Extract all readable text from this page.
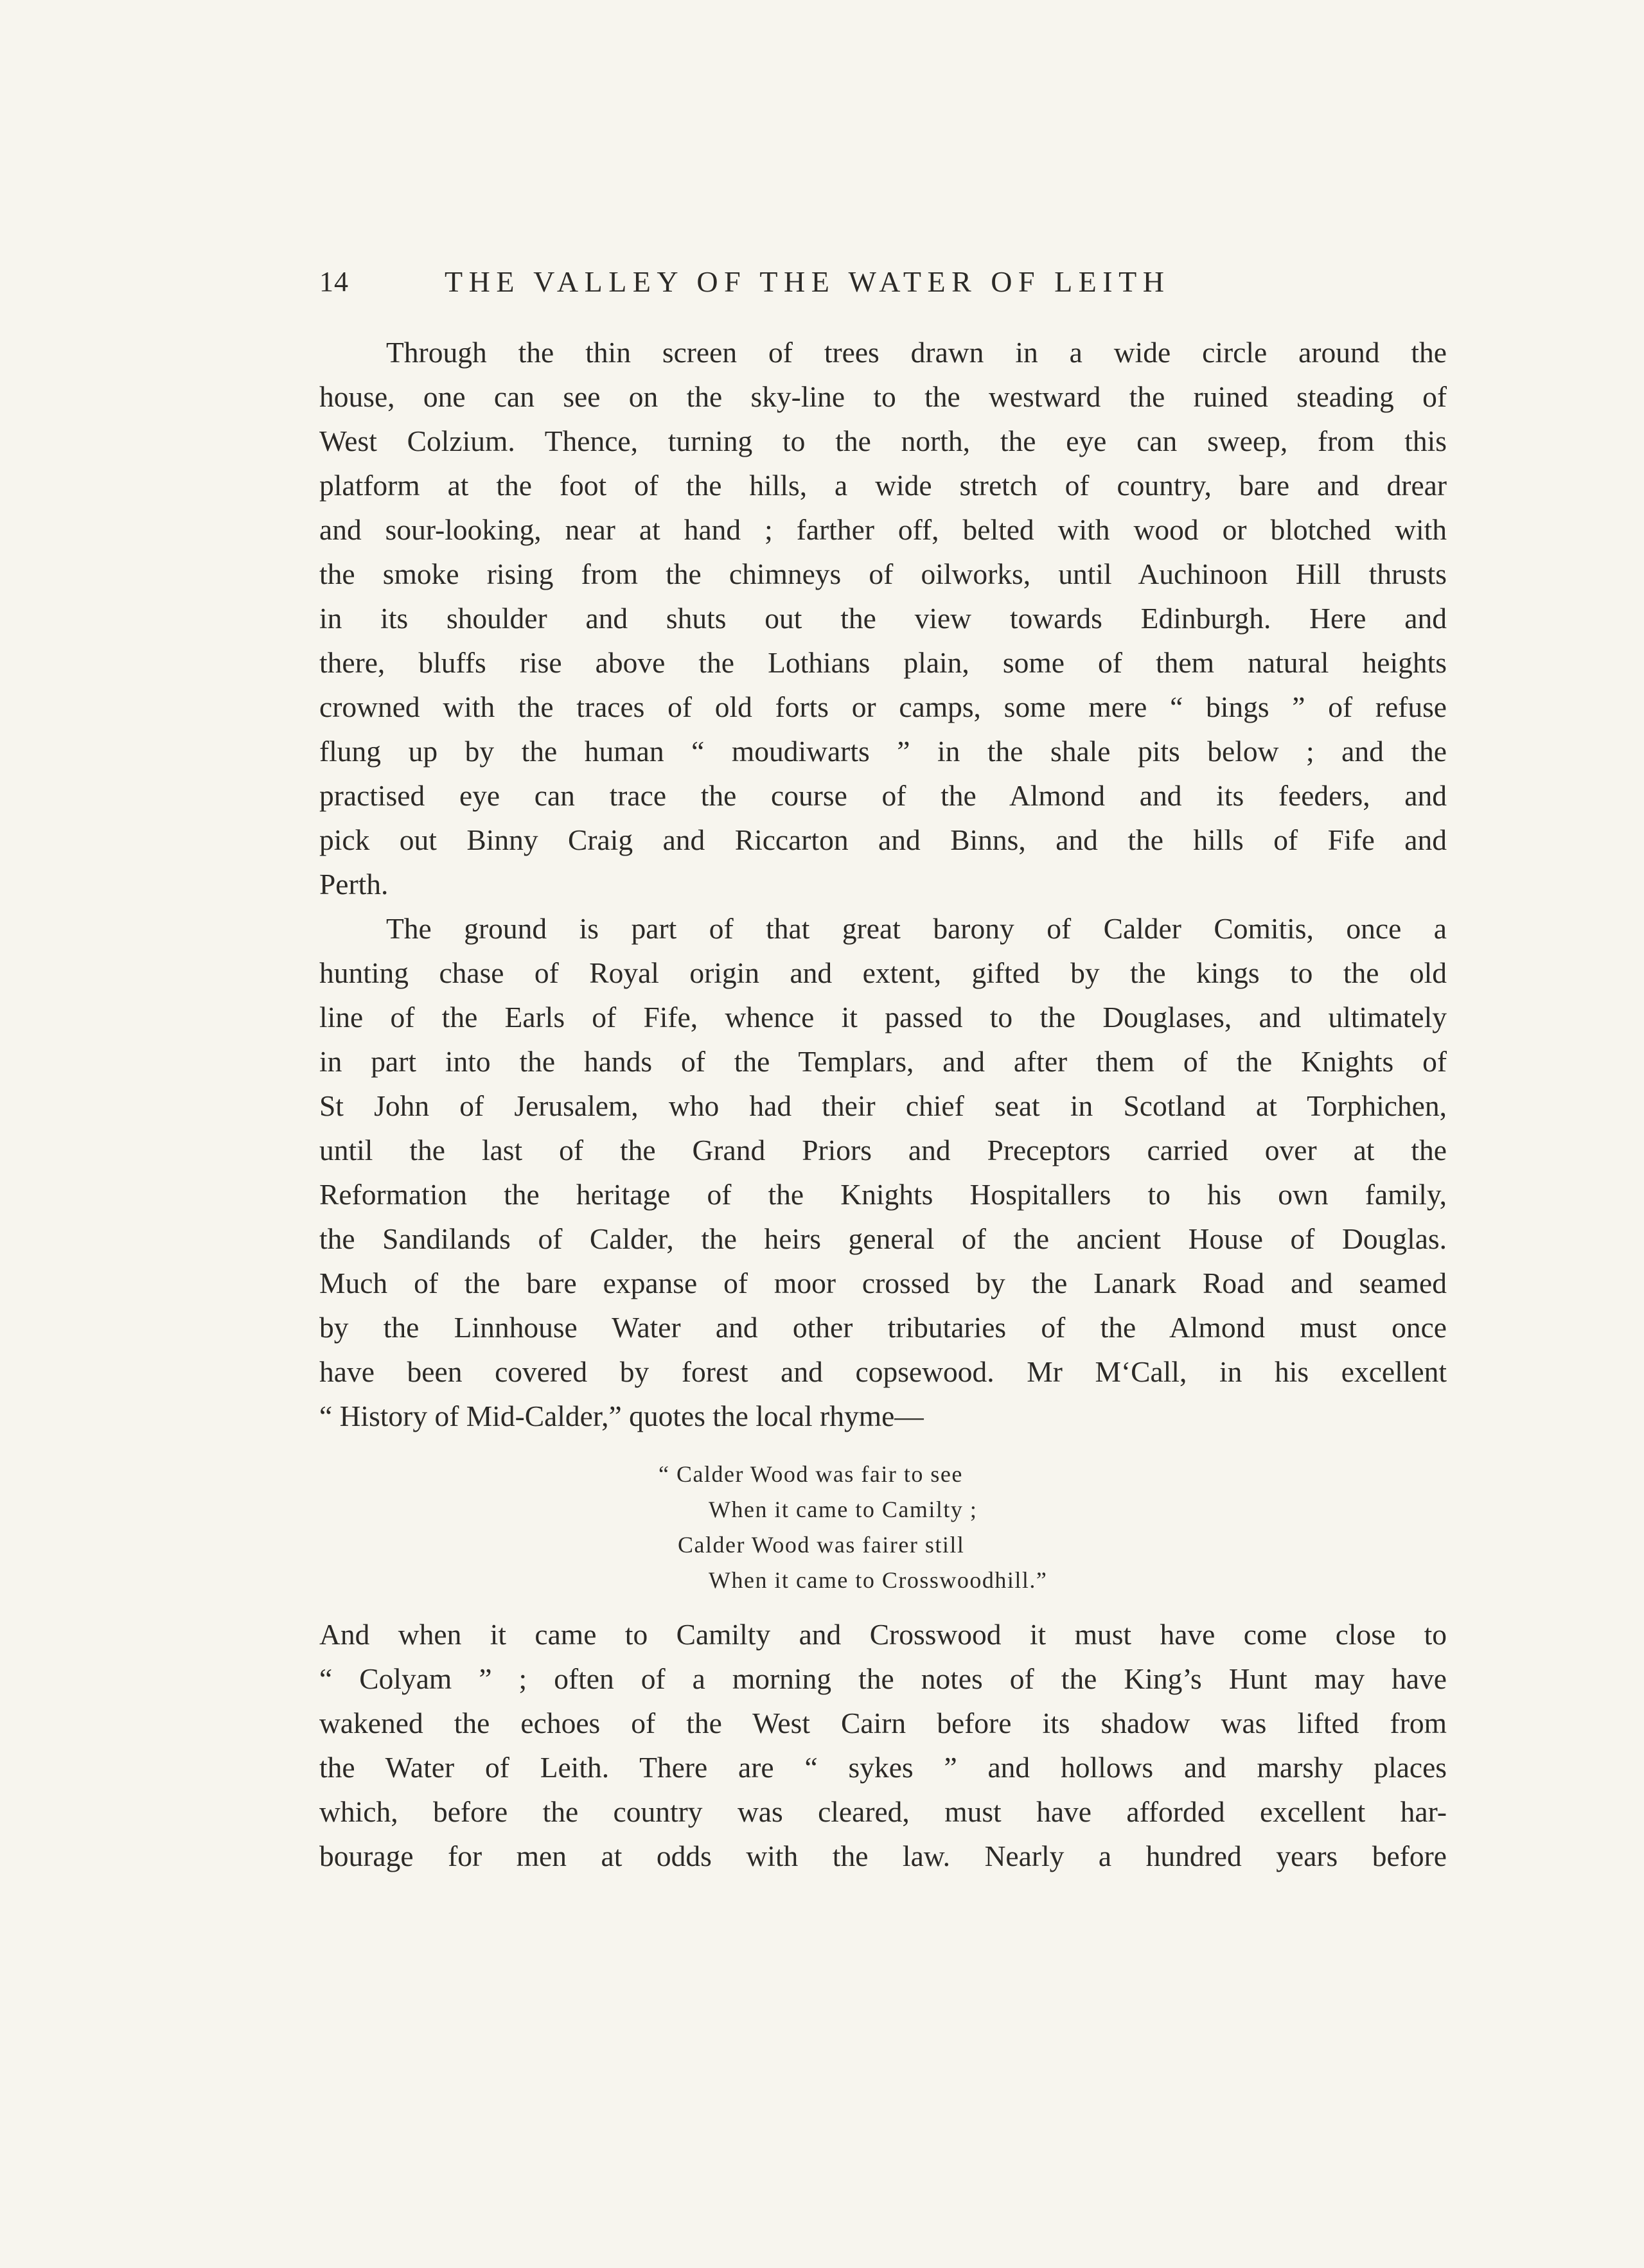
14	THE VALLEY OF THE WATER OF LEITH
Through the thin screen of trees drawn in a wide circle around the
house, one can see on the sky-line to the westward the ruined steading of
West Colzium. Thence, turning to the north, the eye can sweep, from this
platform at the foot of the hills, a wide stretch of country, bare and drear
and sour-looking, near at hand ; farther off, belted with wood or blotched with
the smoke rising from the chimneys of oilworks, until Auchinoon Hill thrusts
in its shoulder and shuts out the view towards Edinburgh. Here and
there, bluffs rise above the Lothians plain, some of them natural heights
crowned with the traces of old forts or camps, some mere “ bings ” of refuse
flung up by the human “ moudiwarts ” in the shale pits below ; and the
practised eye can trace the course of the Almond and its feeders, and
pick out Binny Craig and Riccarton and Binns, and the hills of Fife and
Perth.
The ground is part of that great barony of Calder Comitis, once a
hunting chase of Royal origin and extent, gifted by the kings to the old
line of the Earls of Fife, whence it passed to the Douglases, and ultimately
in part into the hands of the Templars, and after them of the Knights of
St John of Jerusalem, who had their chief seat in Scotland at Torphichen,
until the last of the Grand Priors and Preceptors carried over at the
Reformation the heritage of the Knights Hospitallers to his own family,
the Sandilands of Calder, the heirs general of the ancient House of Douglas.
Much of the bare expanse of moor crossed by the Lanark Road and seamed
by the Linnhouse Water and other tributaries of the Almond must once
have been covered by forest and copsewood. Mr M‘Call, in his excellent
“ History of Mid-Calder,” quotes the local rhyme—
“ Calder Wood was fair to see
When it came to Camilty ;
Calder Wood was fairer still
When it came to Crosswoodhill.”
And when it came to Camilty and Crosswood it must have come close to
“ Colyam ” ; often of a morning the notes of the King’s Hunt may have
wakened the echoes of the West Cairn before its shadow was lifted from
the Water of Leith. There are “ sykes ” and hollows and marshy places
which, before the country was cleared, must have afforded excellent har-
bourage for men at odds with the law. Nearly a hundred years before
